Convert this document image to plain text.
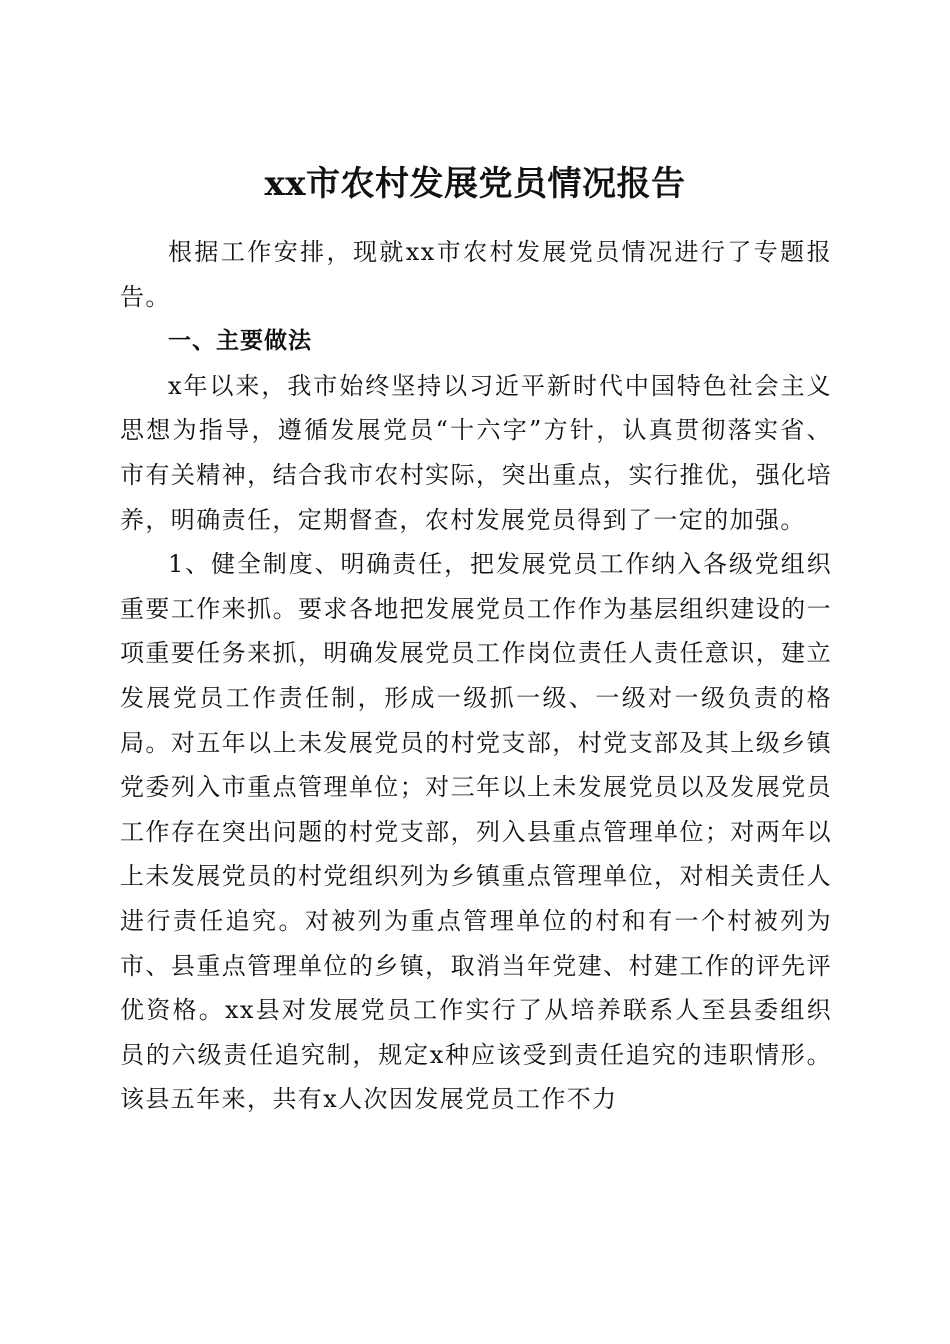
xx市农村发展党员情况报告

根据工作安排，现就xx市农村发展党员情况进行了专题报告。

一、主要做法

x年以来，我市始终坚持以习近平新时代中国特色社会主义思想为指导，遵循发展党员“十六字”方针，认真贯彻落实省、市有关精神，结合我市农村实际，突出重点，实行推优，强化培养，明确责任，定期督查，农村发展党员得到了一定的加强。

1、健全制度、明确责任，把发展党员工作纳入各级党组织重要工作来抓。要求各地把发展党员工作作为基层组织建设的一项重要任务来抓，明确发展党员工作岗位责任人责任意识，建立发展党员工作责任制，形成一级抓一级、一级对一级负责的格局。对五年以上未发展党员的村党支部，村党支部及其上级乡镇党委列入市重点管理单位；对三年以上未发展党员以及发展党员工作存在突出问题的村党支部，列入县重点管理单位；对两年以上未发展党员的村党组织列为乡镇重点管理单位，对相关责任人进行责任追究。对被列为重点管理单位的村和有一个村被列为市、县重点管理单位的乡镇，取消当年党建、村建工作的评先评优资格。xx县对发展党员工作实行了从培养联系人至县委组织员的六级责任追究制，规定x种应该受到责任追究的违职情形。该县五年来，共有x人次因发展党员工作不力
